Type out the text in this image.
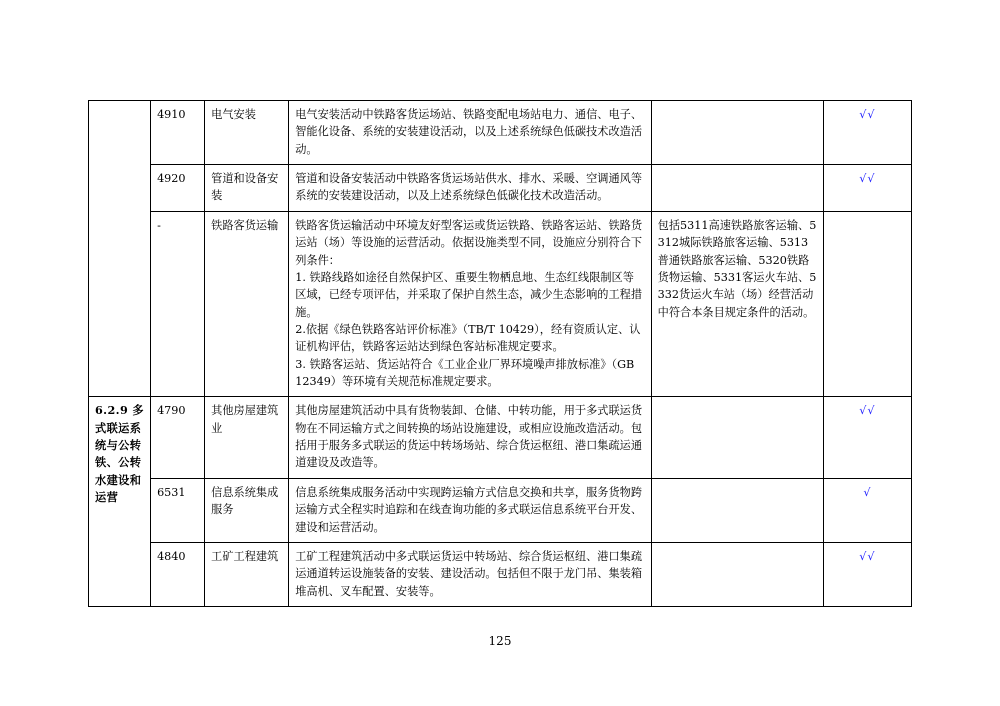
	4910	电气安装	电气安装活动中铁路客货运场站、铁路变配电场站电力、通信、电子、智能化设备、系统的安装建设活动，以及上述系统绿色低碳技术改造活动。		√√
	4920	管道和设备安装	管道和设备安装活动中铁路客货运场站供水、排水、采暖、空调通风等系统的安装建设活动，以及上述系统绿色低碳化技术改造活动。		√√
	-	铁路客货运输	铁路客货运输活动中环境友好型客运或货运铁路、铁路客运站、铁路货运站（场）等设施的运营活动。依据设施类型不同，设施应分别符合下列条件：

1. 铁路线路如途径自然保护区、重要生物栖息地、生态红线限制区等区域，已经专项评估，并采取了保护自然生态，减少生态影响的工程措施。

2.依据《绿色铁路客站评价标准》（TB/T 10429），经有资质认定、认证机构评估，铁路客运站达到绿色客站标准规定要求。

3. 铁路客运站、货运站符合《工业企业厂界环境噪声排放标准》（GB 12349）等环境有关规范标准规定要求。	包括5311高速铁路旅客运输、5312城际铁路旅客运输、5313普通铁路旅客运输、5320铁路货物运输、5331客运火车站、5332货运火车站（场）经营活动中符合本条目规定条件的活动。	
6.2.9 多式联运系统与公转铁、公转水建设和运营	4790	其他房屋建筑业	其他房屋建筑活动中具有货物装卸、仓储、中转功能，用于多式联运货物在不同运输方式之间转换的场站设施建设，或相应设施改造活动。包括用于服务多式联运的货运中转场场站、综合货运枢纽、港口集疏运通道建设及改造等。		√√
	6531	信息系统集成服务	信息系统集成服务活动中实现跨运输方式信息交换和共享，服务货物跨运输方式全程实时追踪和在线查询功能的多式联运信息系统平台开发、建设和运营活动。		√
	4840	工矿工程建筑	工矿工程建筑活动中多式联运货运中转场站、综合货运枢纽、港口集疏运通道转运设施装备的安装、建设活动。包括但不限于龙门吊、集装箱堆高机、叉车配置、安装等。		√√
125
